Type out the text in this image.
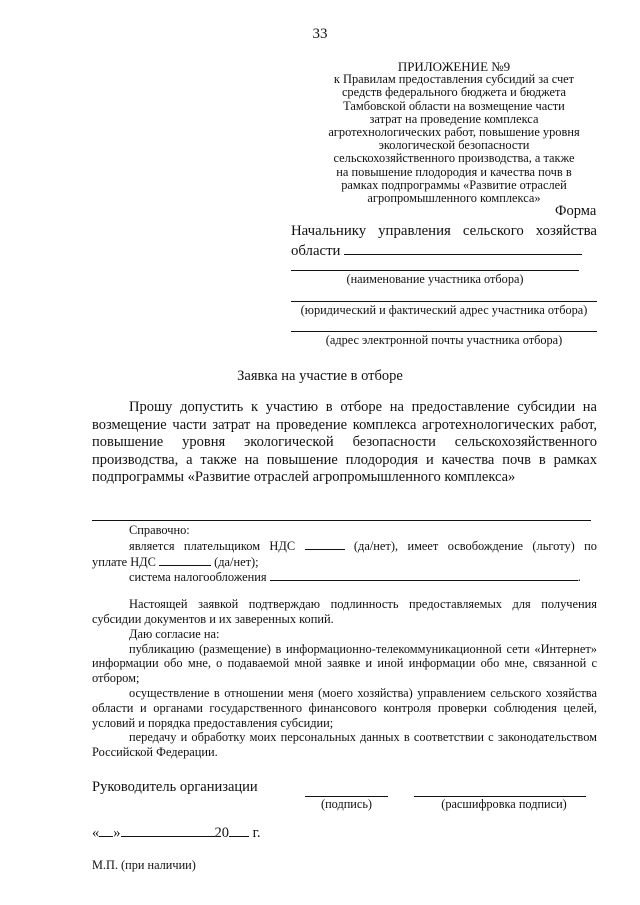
33
ПРИЛОЖЕНИЕ №9
к Правилам предоставления субсидий за счет
средств федерального бюджета и бюджета
Тамбовской области на возмещение части
затрат на проведение комплекса
агротехнологических работ, повышение уровня
экологической безопасности
сельскохозяйственного производства, а также
на повышение плодородия и качества почв в
рамках подпрограммы «Развитие отраслей
агропромышленного комплекса»
Форма
Начальнику управления сельского хозяйства
области
(наименование участника отбора)
(юридический и фактический адрес участника отбора)
(адрес электронной почты участника отбора)
Заявка на участие в отборе

Прошу допустить к участию в отборе на предоставление субсидии на возмещение части затрат на проведение комплекса агротехнологических работ, повышение уровня экологической безопасности сельскохозяйственного производства, а также на повышение плодородия и качества почв в рамках подпрограммы «Развитие отраслей агропромышленного комплекса»

Справочно:

является плательщиком НДС	(да/нет), имеет освобождение (льготу) по

уплате НДС	(да/нет);

система налогообложения	.

Настоящей заявкой подтверждаю подлинность предоставляемых для получения субсидии документов и их заверенных копий.

Даю согласие на:

публикацию (размещение) в информационно-телекоммуникационной сети «Интернет» информации обо мне, о подаваемой мной заявке и иной информации обо мне, связанной с отбором;

осуществление в отношении меня (моего хозяйства) управлением сельского хозяйства области и органами государственного финансового контроля проверки соблюдения целей, условий и порядка предоставления субсидии;

передачу и обработку моих персональных данных в соответствии с законодательством Российской Федерации.

Руководитель организации
(подпись)	(расшифровка подписи)
« »	20 г.
М.П. (при наличии)
